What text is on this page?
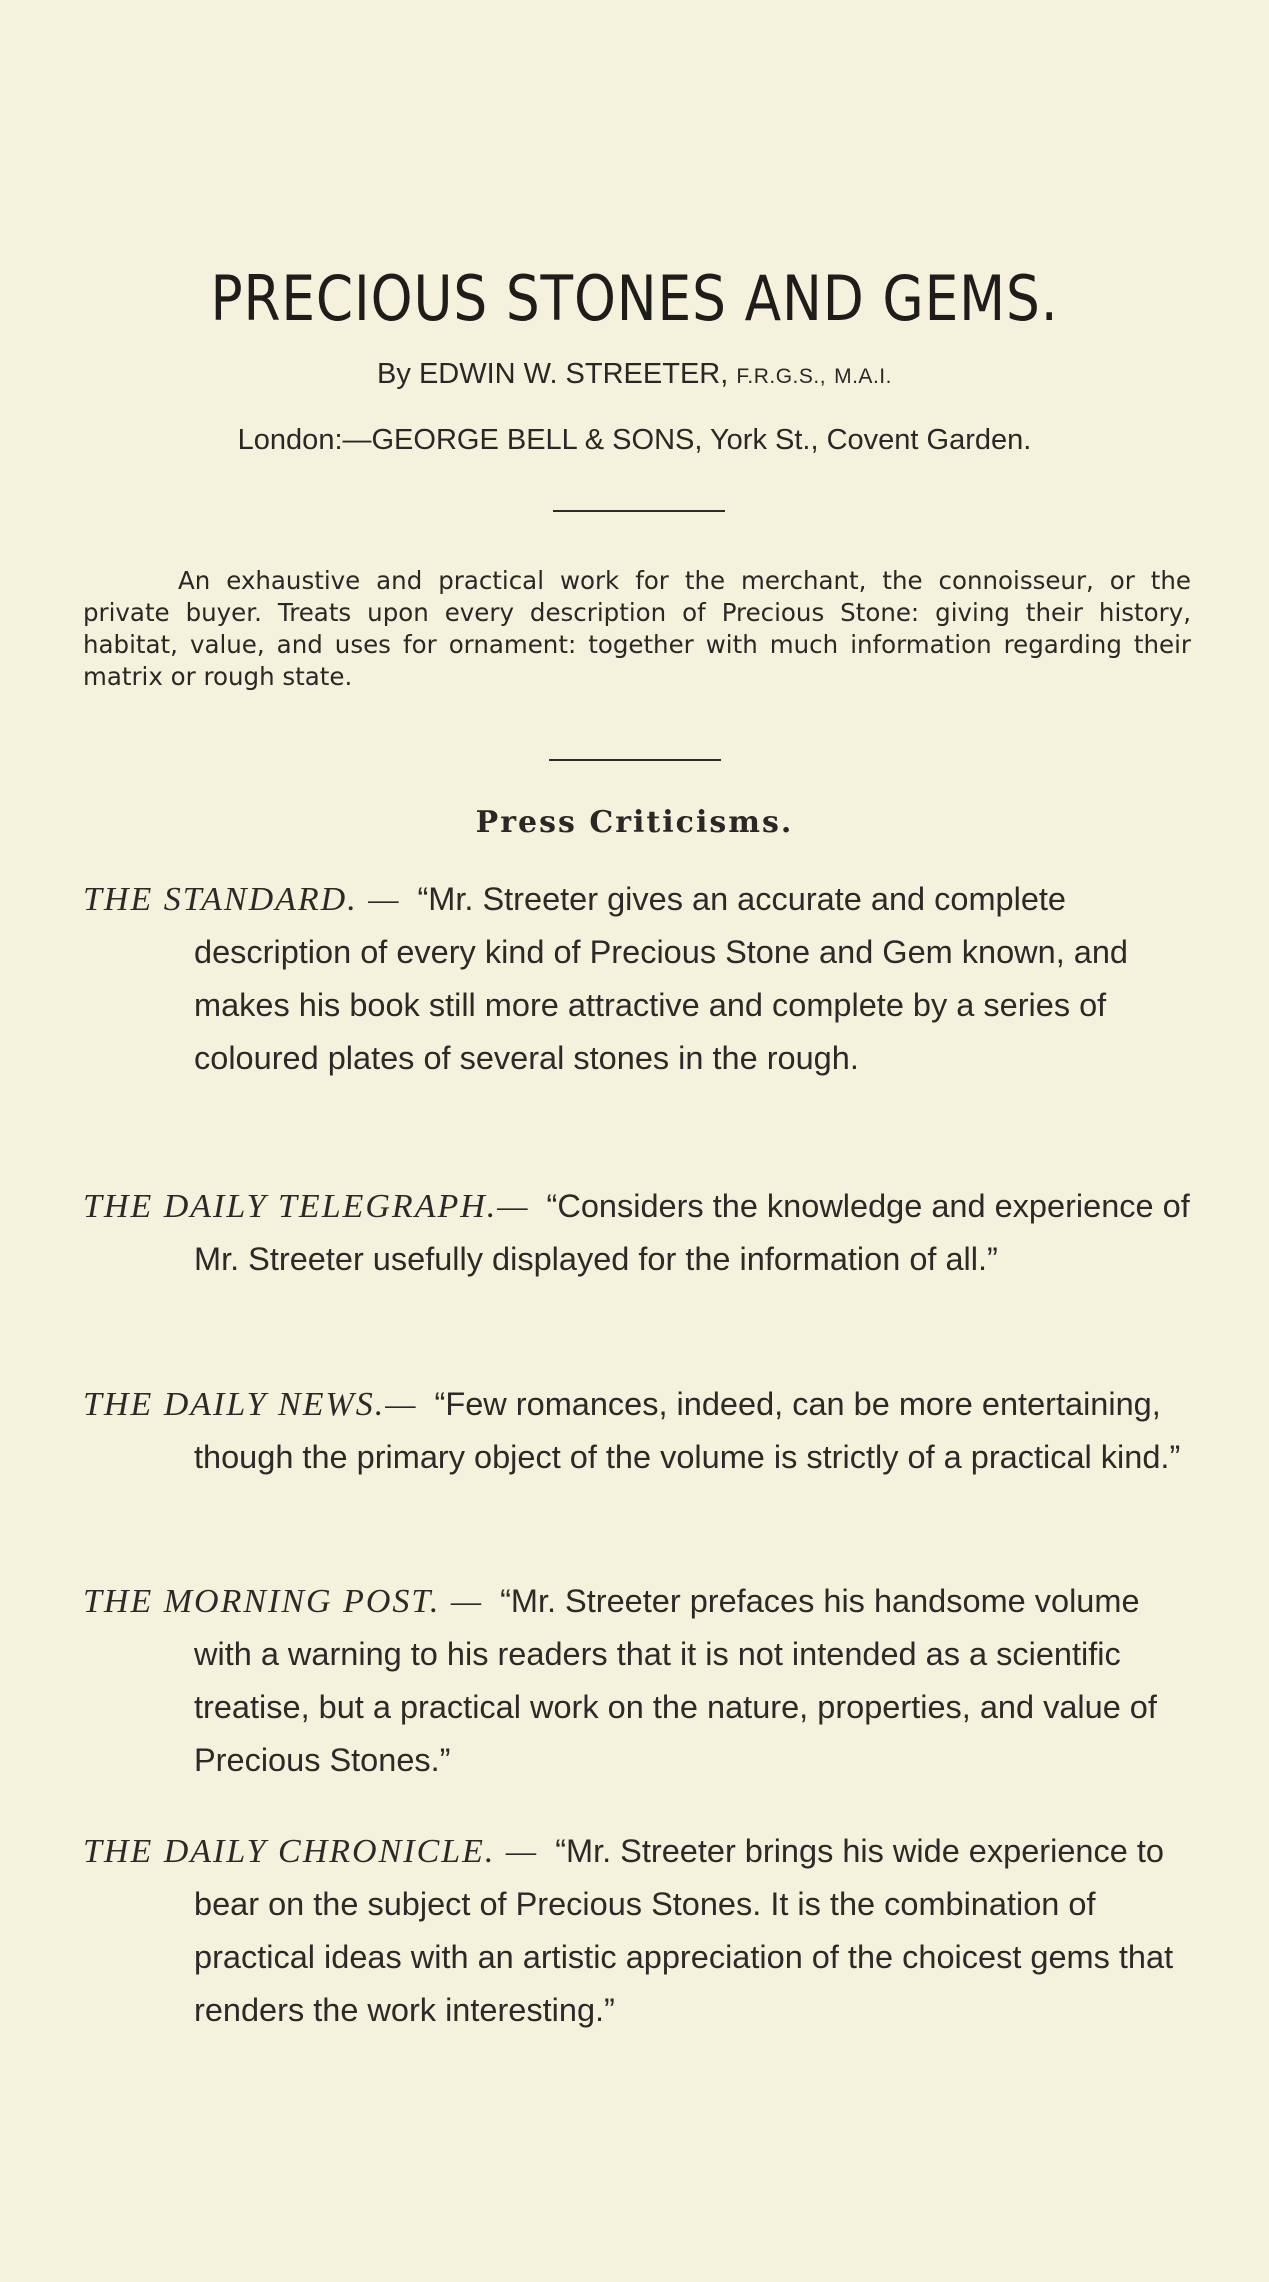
PRECIOUS STONES AND GEMS.
By EDWIN W. STREETER, F.R.G.S., M.A.I.
London:—GEORGE BELL & SONS, York St., Covent Garden.

An exhaustive and practical work for the merchant, the connoisseur, or the private buyer. Treats upon every description of Precious Stone: giving their history, habitat, value, and uses for ornament: together with much information regarding their matrix or rough state.

Press Criticisms.

THE STANDARD. — “Mr. Streeter gives an accurate and complete description of every kind of Precious Stone and Gem known, and makes his book still more attractive and complete by a series of coloured plates of several stones in the rough.

THE DAILY TELEGRAPH.— “Considers the knowledge and experience of Mr. Streeter usefully displayed for the information of all.”

THE DAILY NEWS.— “Few romances, indeed, can be more entertaining, though the primary object of the volume is strictly of a practical kind.”

THE MORNING POST. — “Mr. Streeter prefaces his handsome volume with a warning to his readers that it is not intended as a scientific treatise, but a practical work on the nature, properties, and value of Precious Stones.”

THE DAILY CHRONICLE. — “Mr. Streeter brings his wide experience to bear on the subject of Precious Stones. It is the combination of practical ideas with an artistic appreciation of the choicest gems that renders the work interesting.”
